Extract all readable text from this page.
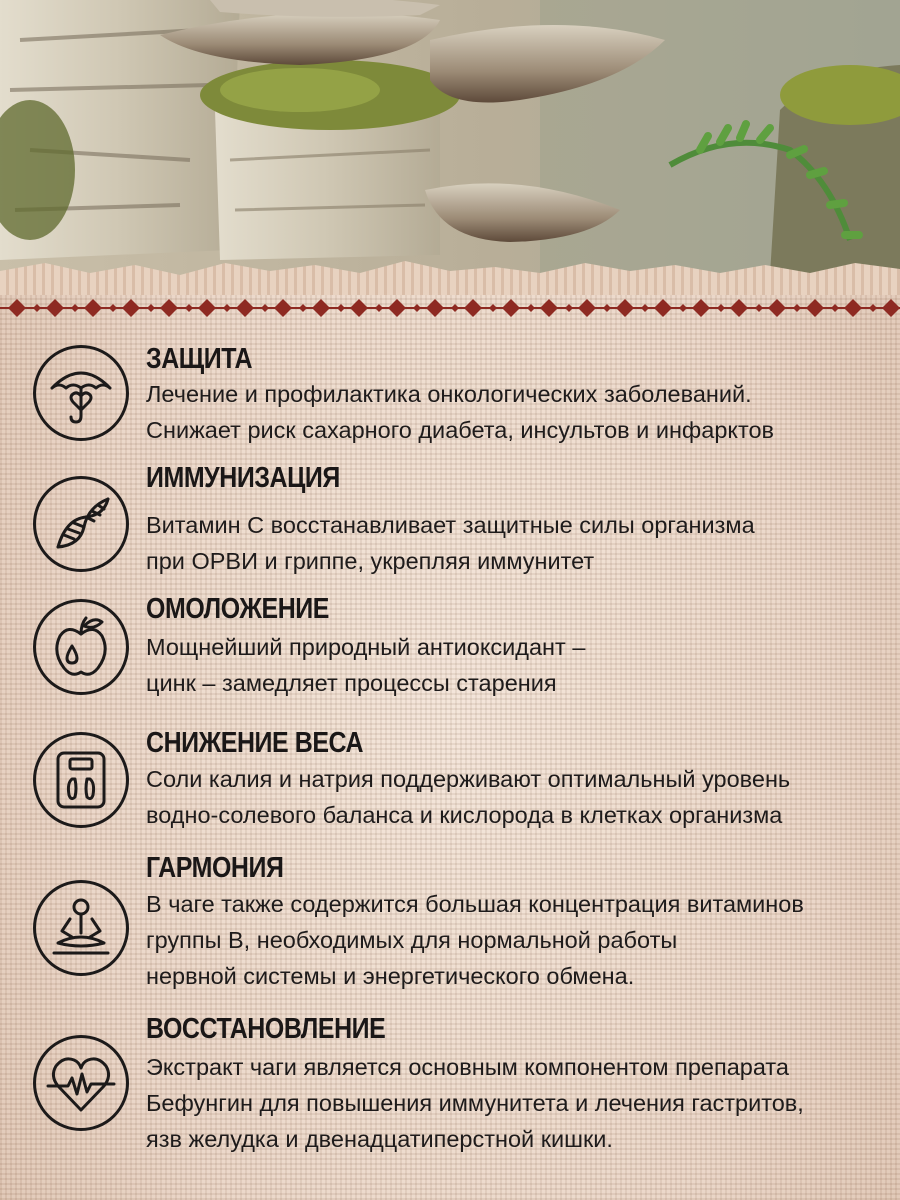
ЗАЩИТА

Лечение и профилактика онкологических заболеваний.
Снижает риск сахарного диабета, инсультов и инфарктов

ИММУНИЗАЦИЯ

Витамин С восстанавливает защитные силы организма
при ОРВИ и гриппе, укрепляя иммунитет

ОМОЛОЖЕНИЕ

Мощнейший природный антиоксидант –
цинк – замедляет процессы старения

СНИЖЕНИЕ ВЕСА

Соли калия и натрия поддерживают оптимальный уровень
водно-солевого баланса и кислорода в клетках организма

ГАРМОНИЯ

В чаге также содержится большая концентрация витаминов
группы В, необходимых для нормальной работы
нервной системы и энергетического обмена.

ВОССТАНОВЛЕНИЕ

Экстракт чаги является основным компонентом препарата
Бефунгин для повышения иммунитета и лечения гастритов,
язв желудка и двенадцатиперстной кишки.
